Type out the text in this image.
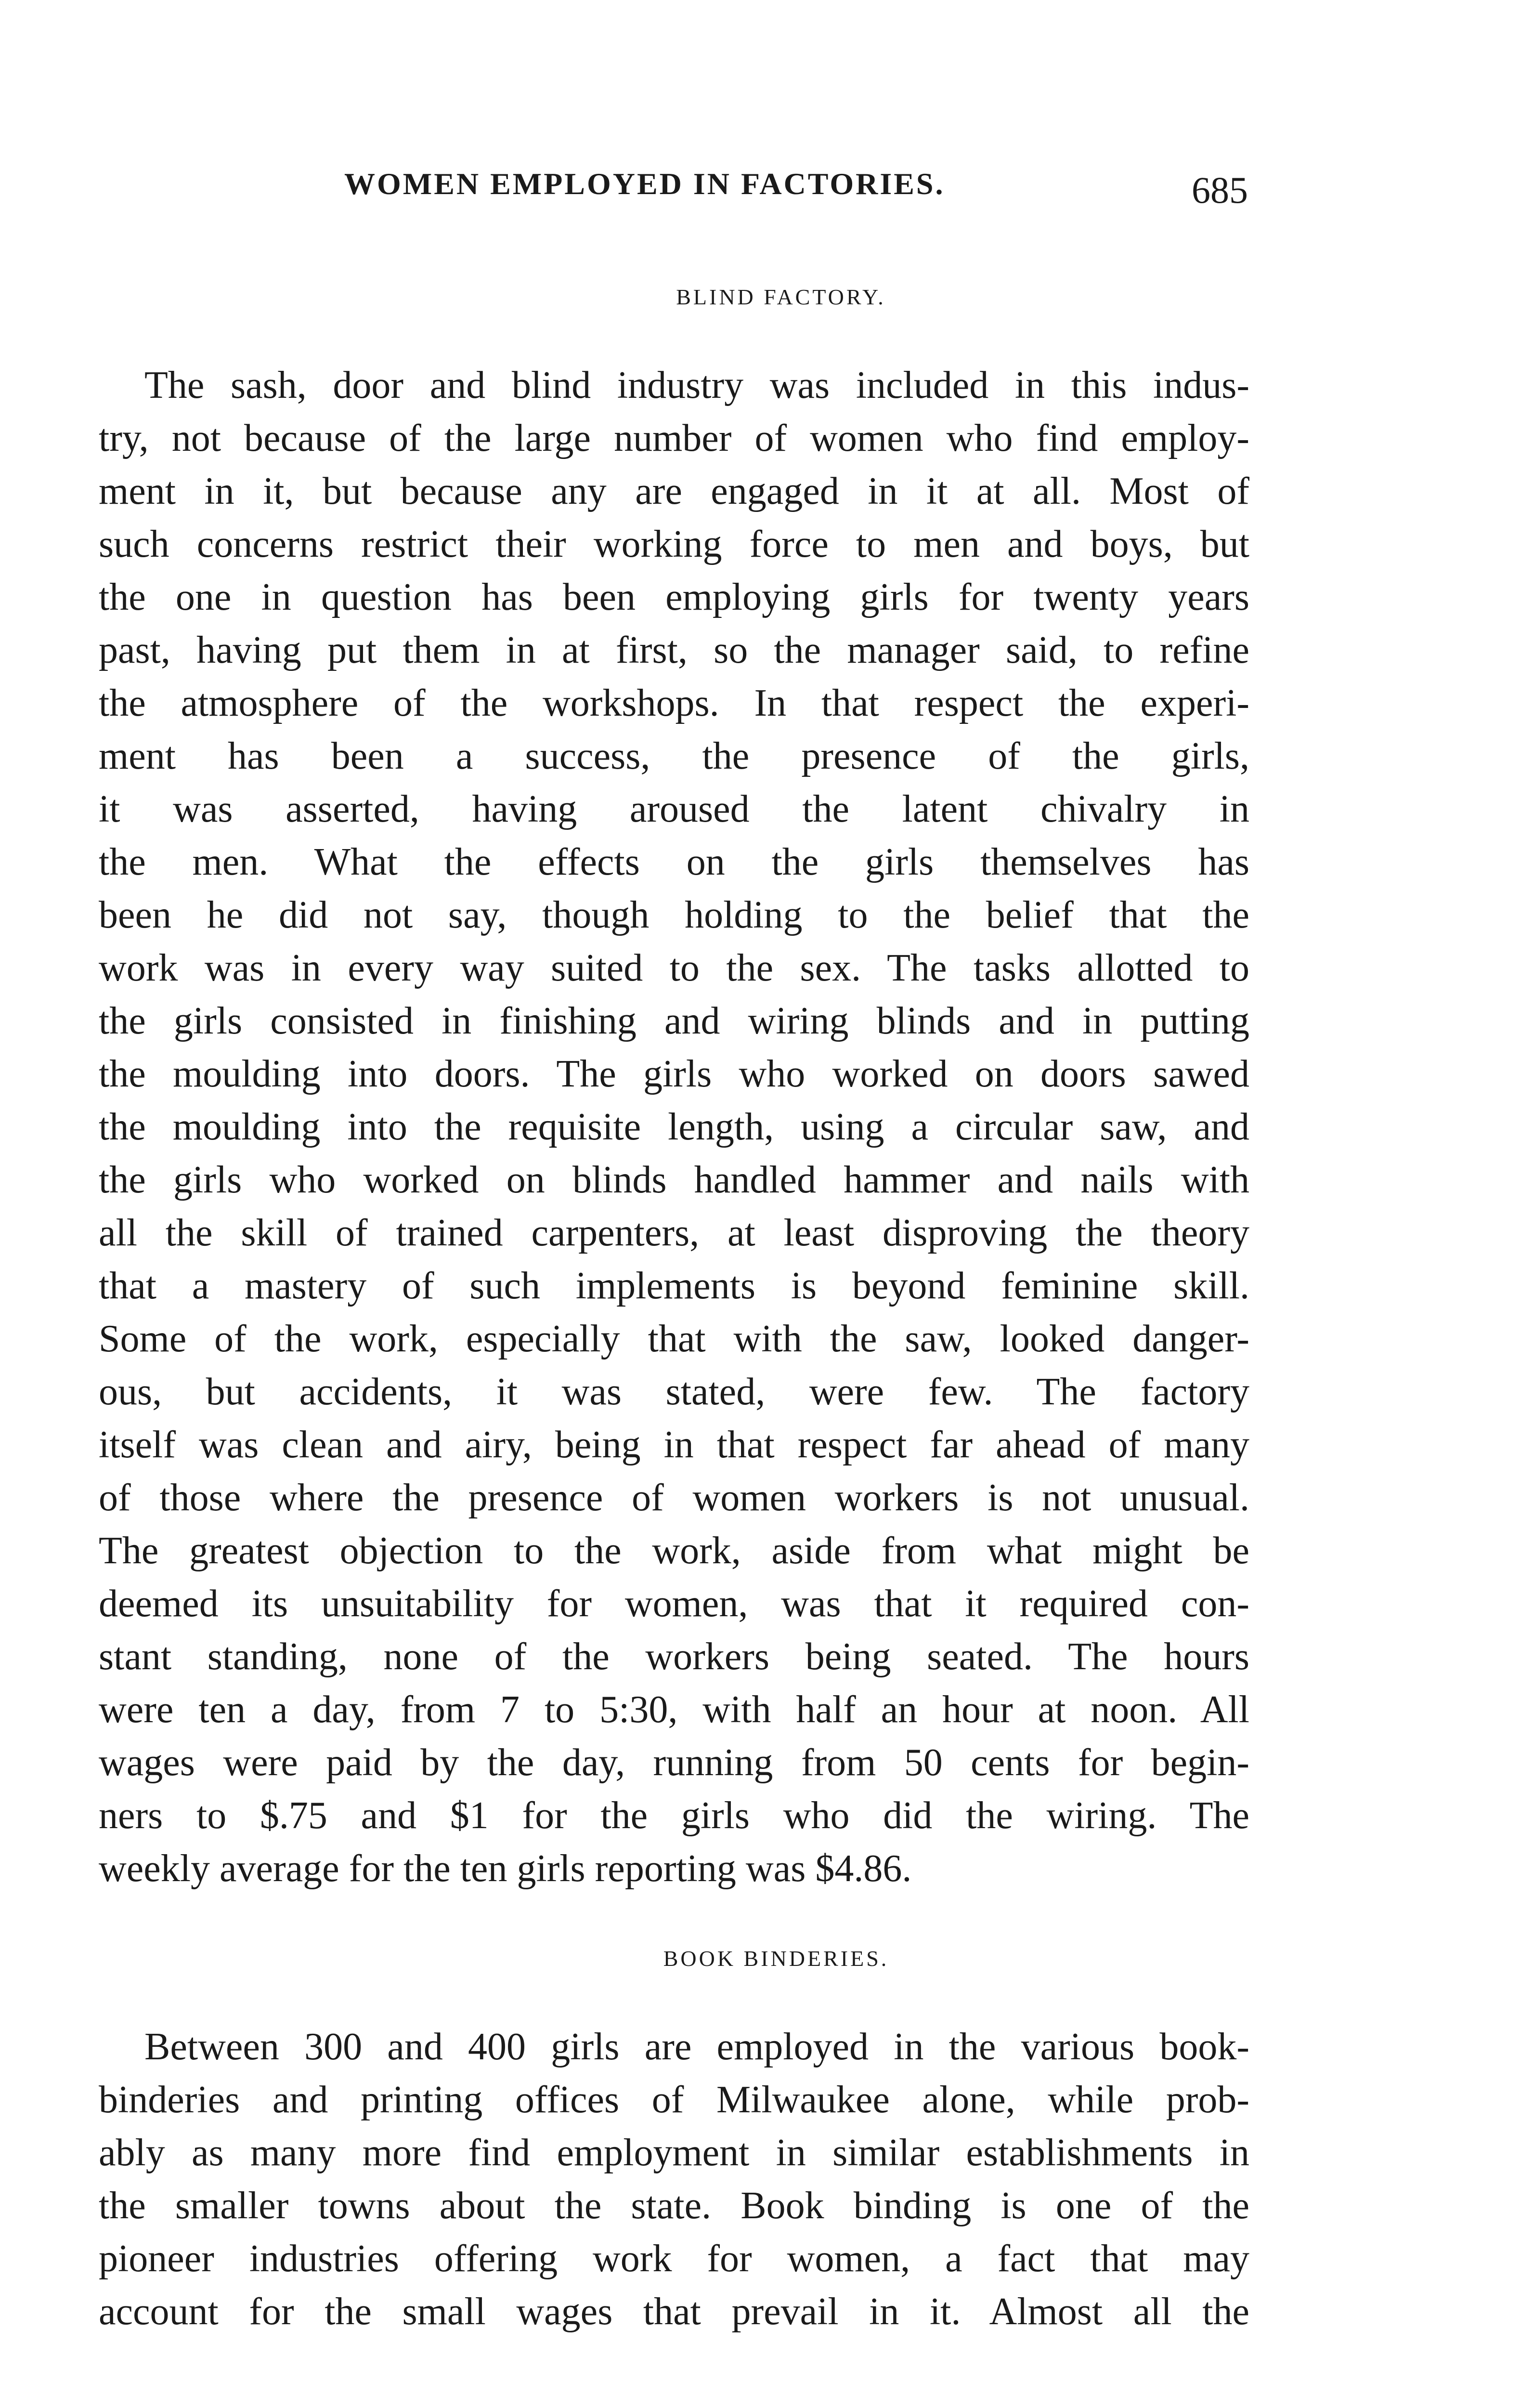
WOMEN EMPLOYED IN FACTORIES.	685
BLIND FACTORY.
The sash, door and blind industry was included in this indus-
try, not because of the large number of women who find employ-
ment in it, but because any are engaged in it at all. Most of
such concerns restrict their working force to men and boys, but
the one in question has been employing girls for twenty years
past, having put them in at first, so the manager said, to refine
the atmosphere of the workshops. In that respect the experi-
ment has been a success, the presence of the girls,
it was asserted, having aroused the latent chivalry in
the men. What the effects on the girls themselves has
been he did not say, though holding to the belief that the
work was in every way suited to the sex. The tasks allotted to
the girls consisted in finishing and wiring blinds and in putting
the moulding into doors. The girls who worked on doors sawed
the moulding into the requisite length, using a circular saw, and
the girls who worked on blinds handled hammer and nails with
all the skill of trained carpenters, at least disproving the theory
that a mastery of such implements is beyond feminine skill.
Some of the work, especially that with the saw, looked danger-
ous, but accidents, it was stated, were few. The factory
itself was clean and airy, being in that respect far ahead of many
of those where the presence of women workers is not unusual.
The greatest objection to the work, aside from what might be
deemed its unsuitability for women, was that it required con-
stant standing, none of the workers being seated. The hours
were ten a day, from 7 to 5:30, with half an hour at noon. All
wages were paid by the day, running from 50 cents for begin-
ners to $.75 and $1 for the girls who did the wiring. The
weekly average for the ten girls reporting was $4.86.
BOOK BINDERIES.
Between 300 and 400 girls are employed in the various book-
binderies and printing offices of Milwaukee alone, while prob-
ably as many more find employment in similar establishments in
the smaller towns about the state. Book binding is one of the
pioneer industries offering work for women, a fact that may
account for the small wages that prevail in it. Almost all the
